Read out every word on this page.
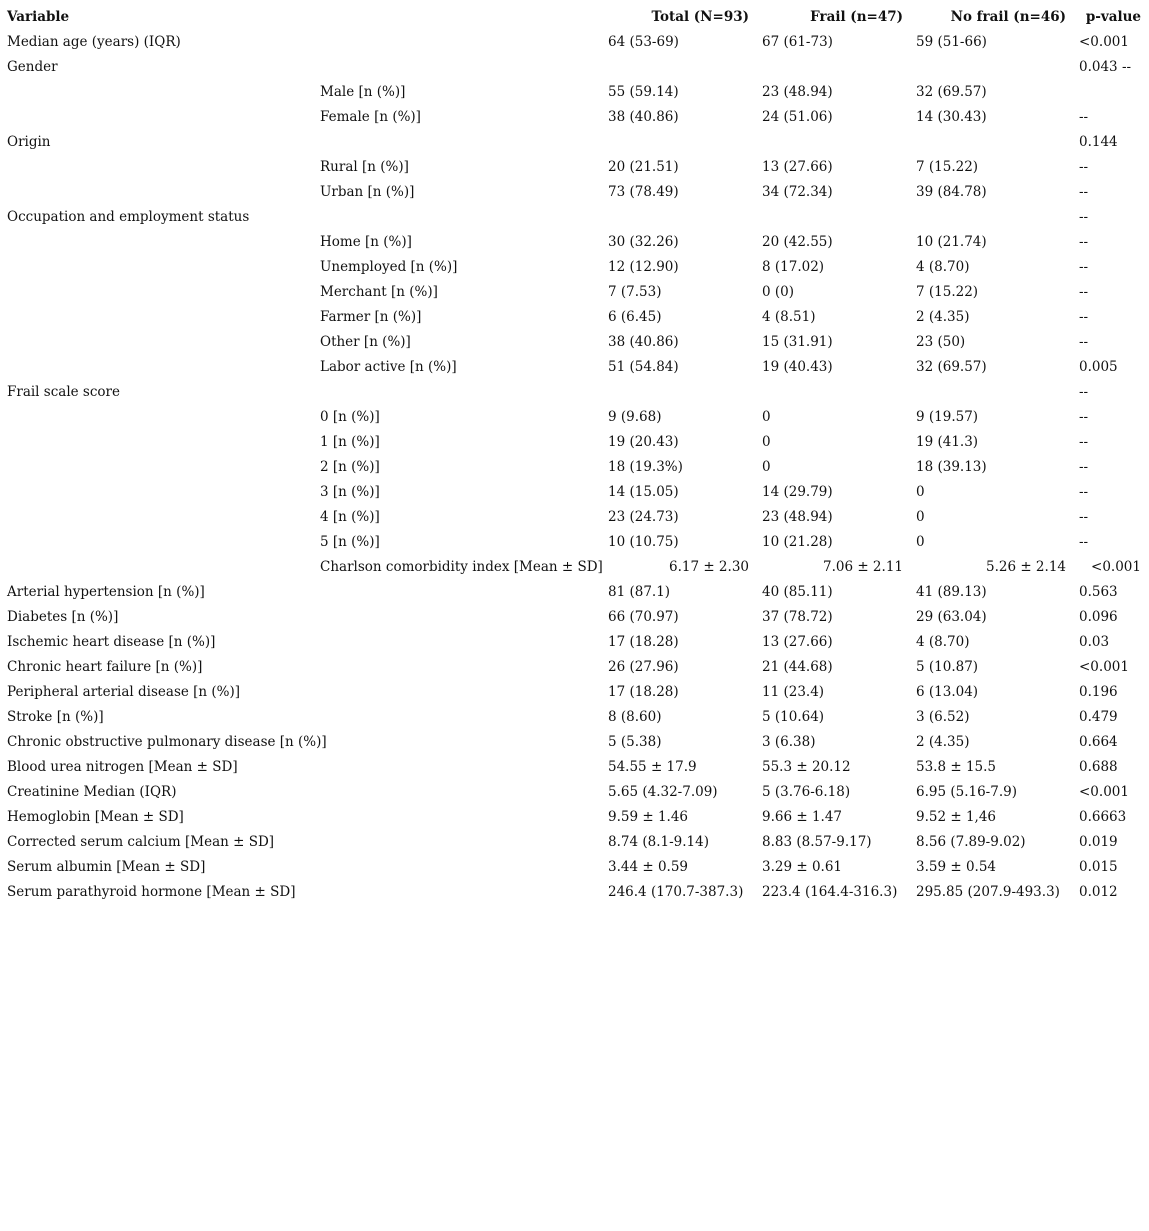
Variable		Total (N=93)	Frail (n=47)	No frail (n=46)	p-value
Median age (years) (IQR)		64 (53-69)	67 (61-73)	59 (51-66)	<0.001
Gender					0.043 --
	Male [n (%)]	55 (59.14)	23 (48.94)	32 (69.57)	
	Female [n (%)]	38 (40.86)	24 (51.06)	14 (30.43)	--
Origin					0.144
	Rural [n (%)]	20 (21.51)	13 (27.66)	7 (15.22)	--
	Urban [n (%)]	73 (78.49)	34 (72.34)	39 (84.78)	--
Occupation and employment status					--
	Home [n (%)]	30 (32.26)	20 (42.55)	10 (21.74)	--
	Unemployed [n (%)]	12 (12.90)	8 (17.02)	4 (8.70)	--
	Merchant [n (%)]	7 (7.53)	0 (0)	7 (15.22)	--
	Farmer [n (%)]	6 (6.45)	4 (8.51)	2 (4.35)	--
	Other [n (%)]	38 (40.86)	15 (31.91)	23 (50)	--
	Labor active [n (%)]	51 (54.84)	19 (40.43)	32 (69.57)	0.005
Frail scale score					--
	0 [n (%)]	9 (9.68)	0	9 (19.57)	--
	1 [n (%)]	19 (20.43)	0	19 (41.3)	--
	2 [n (%)]	18 (19.3%)	0	18 (39.13)	--
	3 [n (%)]	14 (15.05)	14 (29.79)	0	--
	4 [n (%)]	23 (24.73)	23 (48.94)	0	--
	5 [n (%)]	10 (10.75)	10 (21.28)	0	--
	Charlson comorbidity index [Mean ± SD]	6.17 ± 2.30	7.06 ± 2.11	5.26 ± 2.14	<0.001
Arterial hypertension [n (%)]		81 (87.1)	40 (85.11)	41 (89.13)	0.563
Diabetes [n (%)]		66 (70.97)	37 (78.72)	29 (63.04)	0.096
Ischemic heart disease [n (%)]		17 (18.28)	13 (27.66)	4 (8.70)	0.03
Chronic heart failure [n (%)]		26 (27.96)	21 (44.68)	5 (10.87)	<0.001
Peripheral arterial disease [n (%)]		17 (18.28)	11 (23.4)	6 (13.04)	0.196
Stroke [n (%)]		8 (8.60)	5 (10.64)	3 (6.52)	0.479
Chronic obstructive pulmonary disease [n (%)]		5 (5.38)	3 (6.38)	2 (4.35)	0.664
Blood urea nitrogen [Mean ± SD]		54.55 ± 17.9	55.3 ± 20.12	53.8 ± 15.5	0.688
Creatinine Median (IQR)		5.65 (4.32-7.09)	5 (3.76-6.18)	6.95 (5.16-7.9)	<0.001
Hemoglobin [Mean ± SD]		9.59 ± 1.46	9.66 ± 1.47	9.52 ± 1,46	0.6663
Corrected serum calcium [Mean ± SD]		8.74 (8.1-9.14)	8.83 (8.57-9.17)	8.56 (7.89-9.02)	0.019
Serum albumin [Mean ± SD]		3.44 ± 0.59	3.29 ± 0.61	3.59 ± 0.54	0.015
Serum parathyroid hormone [Mean ± SD]		246.4 (170.7-387.3)	223.4 (164.4-316.3)	295.85 (207.9-493.3)	0.012
